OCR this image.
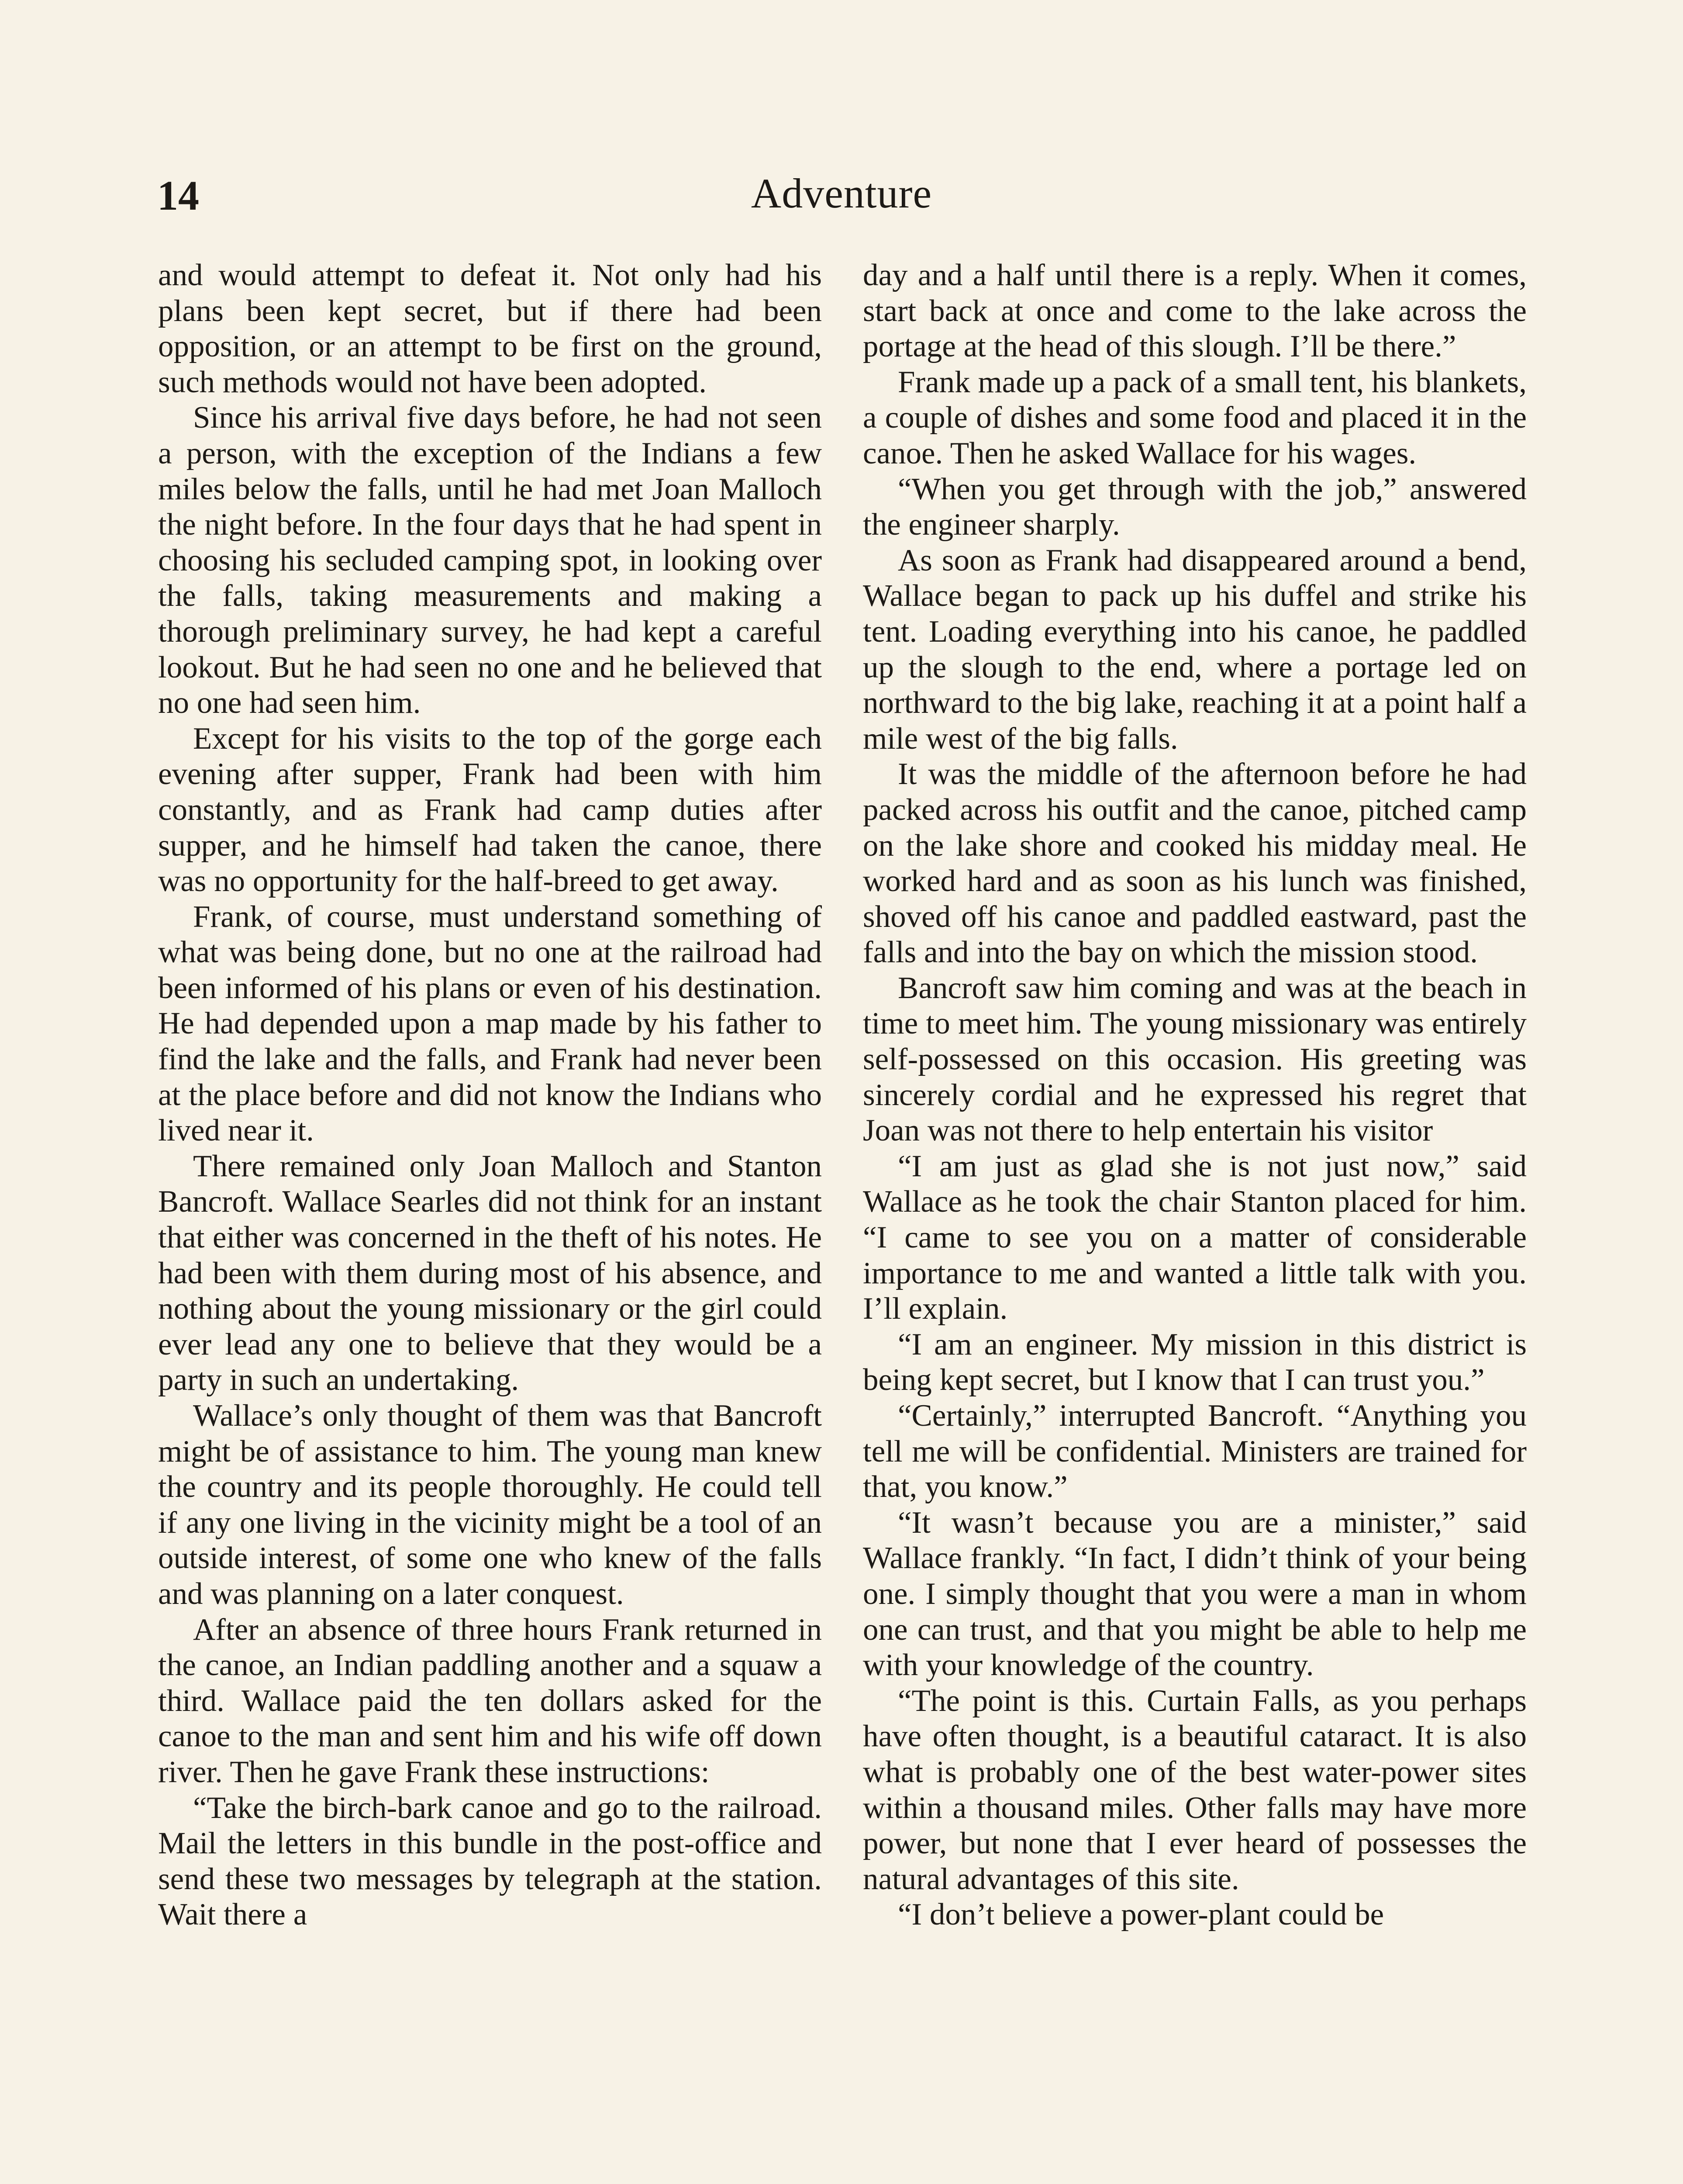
14	Adventure

and would attempt to defeat it. Not only had his plans been kept secret, but if there had been opposition, or an attempt to be first on the ground, such methods would not have been adopted.

Since his arrival five days before, he had not seen a person, with the exception of the Indians a few miles below the falls, until he had met Joan Malloch the night before. In the four days that he had spent in choosing his secluded camping spot, in looking over the falls, taking measurements and making a thorough preliminary survey, he had kept a careful lookout. But he had seen no one and he believed that no one had seen him.

Except for his visits to the top of the gorge each evening after supper, Frank had been with him constantly, and as Frank had camp duties after supper, and he himself had taken the canoe, there was no opportunity for the half-breed to get away.

Frank, of course, must understand something of what was being done, but no one at the railroad had been informed of his plans or even of his destination. He had depended upon a map made by his father to find the lake and the falls, and Frank had never been at the place before and did not know the Indians who lived near it.

There remained only Joan Malloch and Stanton Bancroft. Wallace Searles did not think for an instant that either was concerned in the theft of his notes. He had been with them during most of his absence, and nothing about the young missionary or the girl could ever lead any one to believe that they would be a party in such an undertaking.

Wallace’s only thought of them was that Bancroft might be of assistance to him. The young man knew the country and its people thoroughly. He could tell if any one living in the vicinity might be a tool of an outside interest, of some one who knew of the falls and was planning on a later conquest.

After an absence of three hours Frank returned in the canoe, an Indian paddling another and a squaw a third. Wallace paid the ten dollars asked for the canoe to the man and sent him and his wife off down river. Then he gave Frank these instructions:

“Take the birch-bark canoe and go to the railroad. Mail the letters in this bundle in the post-office and send these two messages by telegraph at the station. Wait there a

day and a half until there is a reply. When it comes, start back at once and come to the lake across the portage at the head of this slough. I’ll be there.”

Frank made up a pack of a small tent, his blankets, a couple of dishes and some food and placed it in the canoe. Then he asked Wallace for his wages.

“When you get through with the job,” answered the engineer sharply.

As soon as Frank had disappeared around a bend, Wallace began to pack up his duffel and strike his tent. Loading everything into his canoe, he paddled up the slough to the end, where a portage led on northward to the big lake, reaching it at a point half a mile west of the big falls.

It was the middle of the afternoon before he had packed across his outfit and the canoe, pitched camp on the lake shore and cooked his midday meal. He worked hard and as soon as his lunch was finished, shoved off his canoe and paddled eastward, past the falls and into the bay on which the mission stood.

Bancroft saw him coming and was at the beach in time to meet him. The young missionary was entirely self-possessed on this occasion. His greeting was sincerely cordial and he expressed his regret that Joan was not there to help entertain his visitor

“I am just as glad she is not just now,” said Wallace as he took the chair Stanton placed for him. “I came to see you on a matter of considerable importance to me and wanted a little talk with you. I’ll explain.

“I am an engineer. My mission in this district is being kept secret, but I know that I can trust you.”

“Certainly,” interrupted Bancroft. “Anything you tell me will be confidential. Ministers are trained for that, you know.”

“It wasn’t because you are a minister,” said Wallace frankly. “In fact, I didn’t think of your being one. I simply thought that you were a man in whom one can trust, and that you might be able to help me with your knowledge of the country.

“The point is this. Curtain Falls, as you perhaps have often thought, is a beautiful cataract. It is also what is probably one of the best water-power sites within a thousand miles. Other falls may have more power, but none that I ever heard of possesses the natural advantages of this site.

“I don’t believe a power-plant could be
